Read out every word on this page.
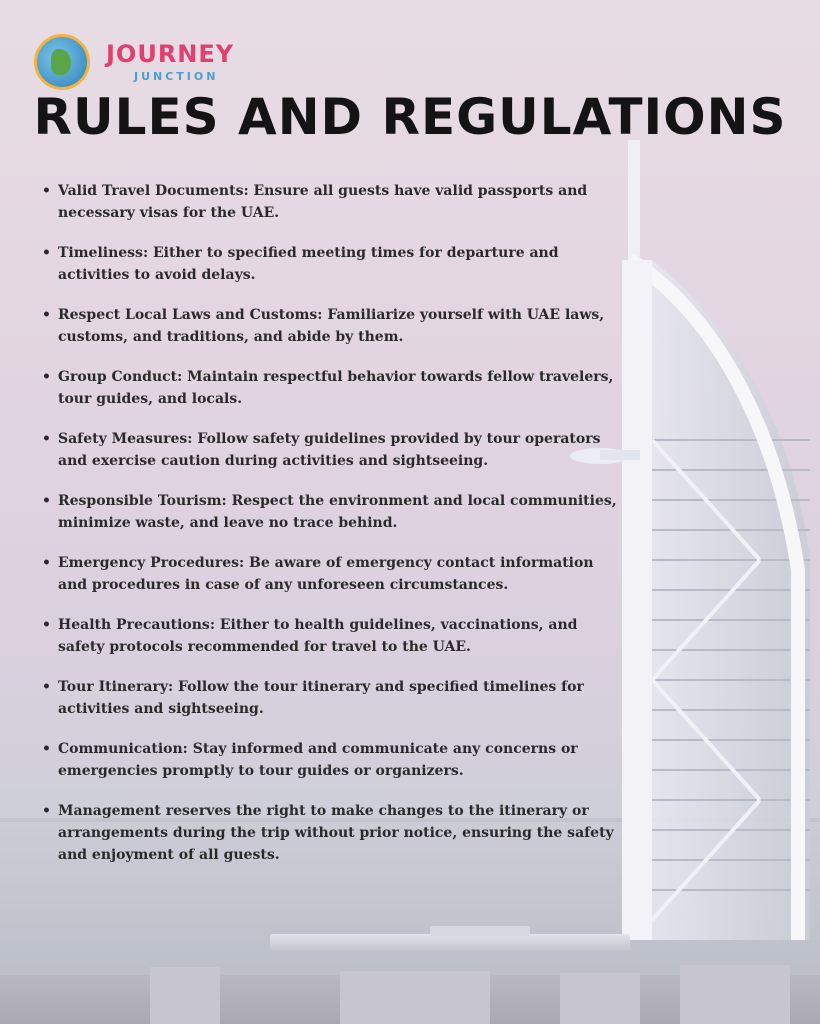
JOURNEY
JUNCTION
RULES AND REGULATIONS
• Valid Travel Documents: Ensure all guests have valid passports and necessary visas for the UAE.
• Timeliness: Either to specified meeting times for departure and activities to avoid delays.
• Respect Local Laws and Customs: Familiarize yourself with UAE laws, customs, and traditions, and abide by them.
• Group Conduct: Maintain respectful behavior towards fellow travelers, tour guides, and locals.
• Safety Measures: Follow safety guidelines provided by tour operators and exercise caution during activities and sightseeing.
• Responsible Tourism: Respect the environment and local communities, minimize waste, and leave no trace behind.
• Emergency Procedures: Be aware of emergency contact information and procedures in case of any unforeseen circumstances.
• Health Precautions: Either to health guidelines, vaccinations, and safety protocols recommended for travel to the UAE.
• Tour Itinerary: Follow the tour itinerary and specified timelines for activities and sightseeing.
• Communication: Stay informed and communicate any concerns or emergencies promptly to tour guides or organizers.
• Management reserves the right to make changes to the itinerary or arrangements during the trip without prior notice, ensuring the safety and enjoyment of all guests.
